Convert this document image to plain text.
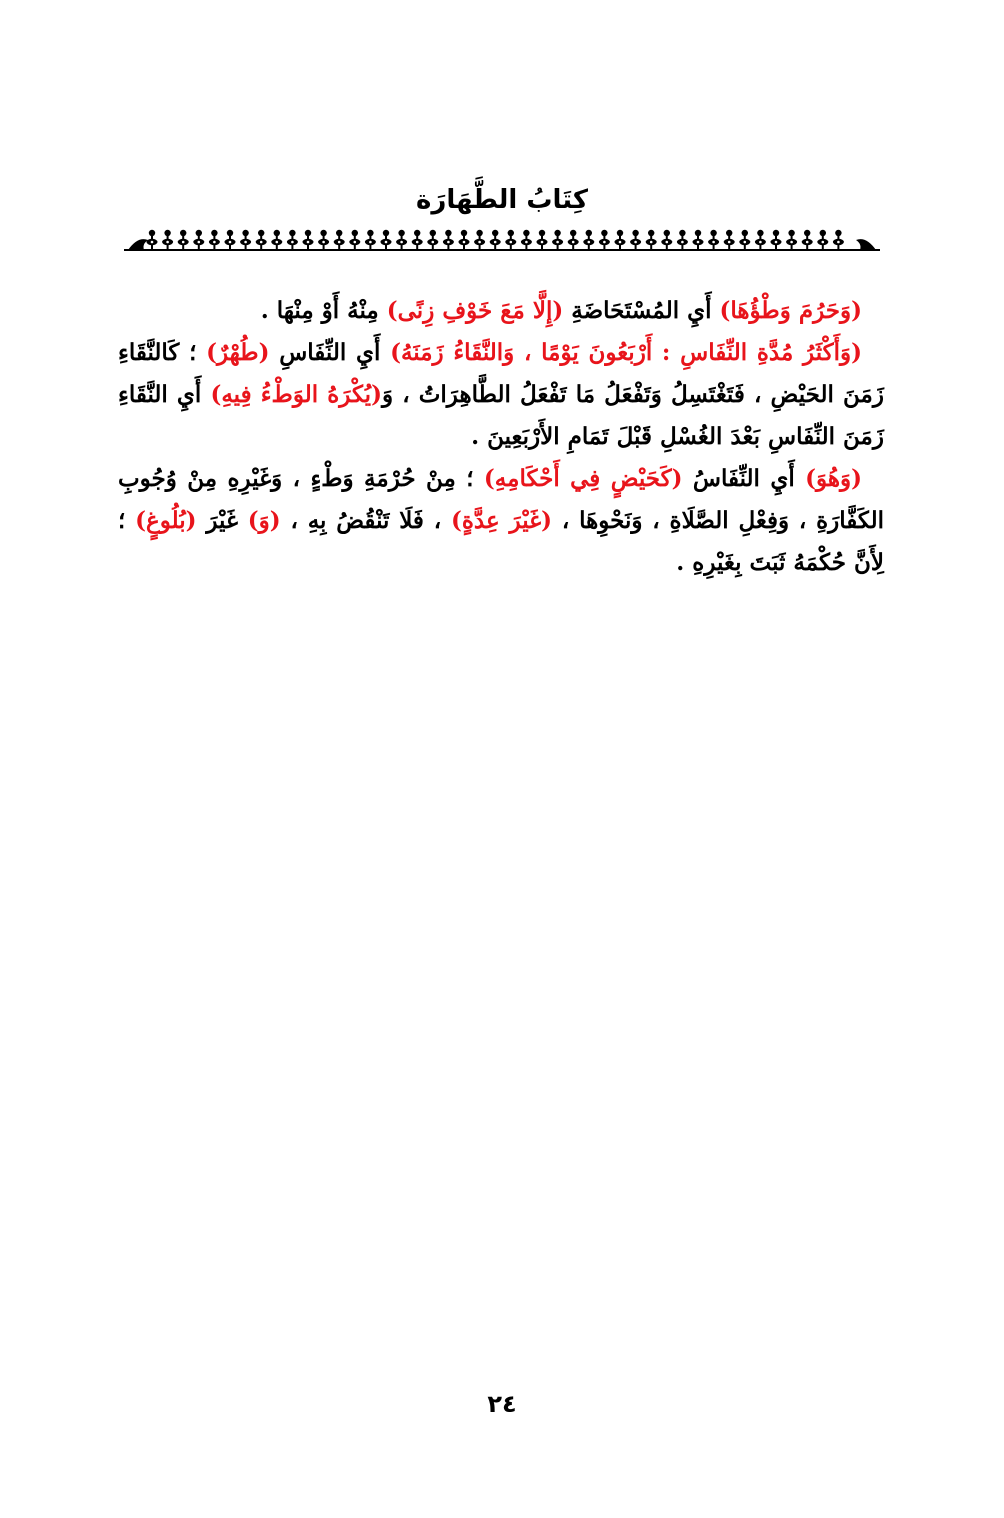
كِتَابُ الطَّهَارَة

(وَحَرُمَ وَطْؤُهَا) أَيِ المُسْتَحَاضَةِ (إِلَّا مَعَ خَوْفِ زِنًى) مِنْهُ أَوْ مِنْهَا .

(وَأَكْثَرُ مُدَّةِ النِّفَاسِ : أَرْبَعُونَ يَوْمًا ، وَالنَّقَاءُ زَمَنَهُ) أَيِ النِّفَاسِ (طُهْرٌ) ؛ كَالنَّقَاءِ زَمَنَ الحَيْضِ ، فَتَغْتَسِلُ وَتَفْعَلُ مَا تَفْعَلُ الطَّاهِرَاتُ ، وَ(يُكْرَهُ الوَطْءُ فِيهِ) أَيِ النَّقَاءِ زَمَنَ النِّفَاسِ بَعْدَ الغُسْلِ قَبْلَ تَمَامِ الأَرْبَعِينَ .

(وَهُوَ) أَيِ النِّفَاسُ (كَحَيْضٍ فِي أَحْكَامِهِ) ؛ مِنْ حُرْمَةِ وَطْءٍ ، وَغَيْرِهِ مِنْ وُجُوبِ الكَفَّارَةِ ، وَفِعْلِ الصَّلَاةِ ، وَنَحْوِهَا ، (غَيْرَ عِدَّةٍ) ، فَلَا تَنْقُضُ بِهِ ، (وَ) غَيْرَ (بُلُوغٍ) ؛ لِأَنَّ حُكْمَهُ ثَبَتَ بِغَيْرِهِ .

٢٤
